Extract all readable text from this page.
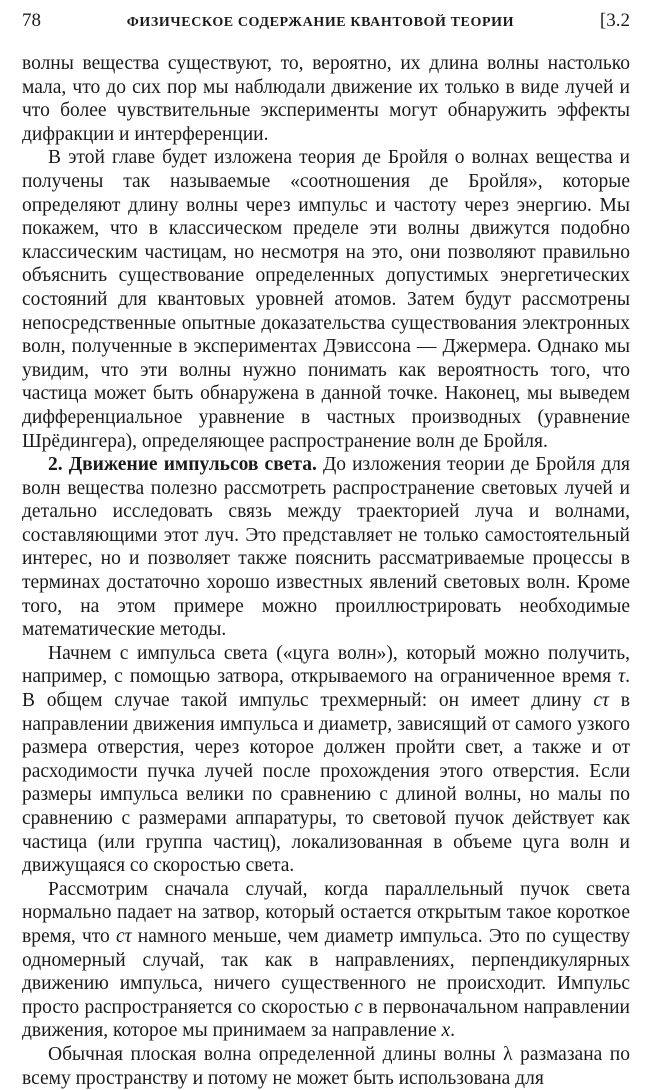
78	ФИЗИЧЕСКОЕ СОДЕРЖАНИЕ КВАНТОВОЙ ТЕОРИИ	[3.2

волны вещества существуют, то, вероятно, их длина волны настолько мала, что до сих пор мы наблюдали движение их только в виде лучей и что более чувствительные эксперименты могут обнаружить эффекты дифракции и интерференции.

В этой главе будет изложена теория де Бройля о волнах вещества и получены так называемые «соотношения де Бройля», которые определяют длину волны через импульс и частоту через энергию. Мы покажем, что в классическом пределе эти волны движутся подобно классическим частицам, но несмотря на это, они позволяют правильно объяснить существование определенных допустимых энергетических состояний для квантовых уровней атомов. Затем будут рассмотрены непосредственные опытные доказательства существования электронных волн, полученные в экспериментах Дэвиссона — Джермера. Однако мы увидим, что эти волны нужно понимать как вероятность того, что частица может быть обнаружена в данной точке. Наконец, мы выведем дифференциальное уравнение в частных производных (уравнение Шрёдингера), определяющее распространение волн де Бройля.

2. Движение импульсов света. До изложения теории де Бройля для волн вещества полезно рассмотреть распространение световых лучей и детально исследовать связь между траекторией луча и волнами, составляющими этот луч. Это представляет не только самостоятельный интерес, но и позволяет также пояснить рассматриваемые процессы в терминах достаточно хорошо известных явлений световых волн. Кроме того, на этом примере можно проиллюстрировать необходимые математические методы.

Начнем с импульса света («цуга волн»), который можно получить, например, с помощью затвора, открываемого на ограниченное время τ. В общем случае такой импульс трехмерный: он имеет длину cτ в направлении движения импульса и диаметр, зависящий от самого узкого размера отверстия, через которое должен пройти свет, а также и от расходимости пучка лучей после прохождения этого отверстия. Если размеры импульса велики по сравнению с длиной волны, но малы по сравнению с размерами аппаратуры, то световой пучок действует как частица (или группа частиц), локализованная в объеме цуга волн и движущаяся со скоростью света.

Рассмотрим сначала случай, когда параллельный пучок света нормально падает на затвор, который остается открытым такое короткое время, что cτ намного меньше, чем диаметр импульса. Это по существу одномерный случай, так как в направлениях, перпендикулярных движению импульса, ничего существенного не происходит. Импульс просто распространяется со скоростью c в первоначальном направлении движения, которое мы принимаем за направление x.

Обычная плоская волна определенной длины волны λ размазана по всему пространству и потому не может быть использована для
